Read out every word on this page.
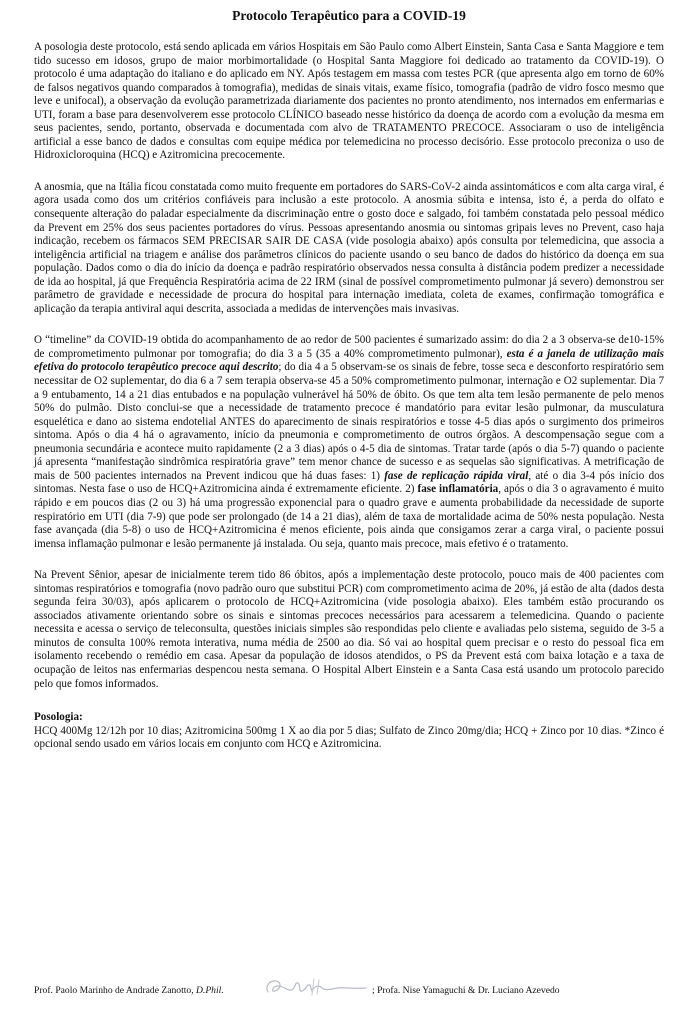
Protocolo Terapêutico para a COVID-19

A posologia deste protocolo, está sendo aplicada em vários Hospitais em São Paulo como Albert Einstein, Santa Casa e Santa Maggiore e tem tido sucesso em idosos, grupo de maior morbimortalidade (o Hospital Santa Maggiore foi dedicado ao tratamento da COVID-19). O protocolo é uma adaptação do italiano e do aplicado em NY. Após testagem em massa com testes PCR (que apresenta algo em torno de 60% de falsos negativos quando comparados à tomografia), medidas de sinais vitais, exame físico, tomografia (padrão de vidro fosco mesmo que leve e unifocal), a observação da evolução parametrizada diariamente dos pacientes no pronto atendimento, nos internados em enfermarias e UTI, foram a base para desenvolverem esse protocolo CLÍNICO baseado nesse histórico da doença de acordo com a evolução da mesma em seus pacientes, sendo, portanto, observada e documentada com alvo de TRATAMENTO PRECOCE. Associaram o uso de inteligência artificial a esse banco de dados e consultas com equipe médica por telemedicina no processo decisório. Esse protocolo preconiza o uso de Hidroxicloroquina (HCQ) e Azitromicina precocemente.

A anosmia, que na Itália ficou constatada como muito frequente em portadores do SARS-CoV-2 ainda assintomáticos e com alta carga viral, é agora usada como dos um critérios confiáveis para inclusão a este protocolo. A anosmia súbita e intensa, isto é, a perda do olfato e consequente alteração do paladar especialmente da discriminação entre o gosto doce e salgado, foi também constatada pelo pessoal médico da Prevent em 25% dos seus pacientes portadores do vírus. Pessoas apresentando anosmia ou sintomas gripais leves no Prevent, caso haja indicação, recebem os fármacos SEM PRECISAR SAIR DE CASA (vide posologia abaixo) após consulta por telemedicina, que associa a inteligência artificial na triagem e análise dos parâmetros clínicos do paciente usando o seu banco de dados do histórico da doença em sua população. Dados como o dia do início da doença e padrão respiratório observados nessa consulta à distância podem predizer a necessidade de ida ao hospital, já que Frequência Respiratória acima de 22 IRM (sinal de possível comprometimento pulmonar já severo) demonstrou ser parâmetro de gravidade e necessidade de procura do hospital para internação imediata, coleta de exames, confirmação tomográfica e aplicação da terapia antiviral aqui descrita, associada a medidas de intervenções mais invasivas.

O “timeline” da COVID-19 obtida do acompanhamento de ao redor de 500 pacientes é sumarizado assim: do dia 2 a 3 observa-se de10-15% de comprometimento pulmonar por tomografia; do dia 3 a 5 (35 a 40% comprometimento pulmonar), esta é a janela de utilização mais efetiva do protocolo terapêutico precoce aqui descrito; do dia 4 a 5 observam-se os sinais de febre, tosse seca e desconforto respiratório sem necessitar de O2 suplementar, do dia 6 a 7 sem terapia observa-se 45 a 50% comprometimento pulmonar, internação e O2 suplementar. Dia 7 a 9 entubamento, 14 a 21 dias entubados e na população vulnerável há 50% de óbito. Os que tem alta tem lesão permanente de pelo menos 50% do pulmão. Disto conclui-se que a necessidade de tratamento precoce é mandatório para evitar lesão pulmonar, da musculatura esquelética e dano ao sistema endotelial ANTES do aparecimento de sinais respiratórios e tosse 4-5 dias após o surgimento dos primeiros sintoma. Após o dia 4 há o agravamento, início da pneumonia e comprometimento de outros órgãos. A descompensação segue com a pneumonia secundária e acontece muito rapidamente (2 a 3 dias) após o 4-5 dia de sintomas. Tratar tarde (após o dia 5-7) quando o paciente já apresenta “manifestação sindrômica respiratória grave” tem menor chance de sucesso e as sequelas são significativas. A metrificação de mais de 500 pacientes internados na Prevent indicou que há duas fases: 1) fase de replicação rápida viral, até o dia 3-4 pós início dos sintomas. Nesta fase o uso de HCQ+Azitromicina ainda é extremamente eficiente. 2) fase inflamatória, após o dia 3 o agravamento é muito rápido e em poucos dias (2 ou 3) há uma progressão exponencial para o quadro grave e aumenta probabilidade da necessidade de suporte respiratório em UTI (dia 7-9) que pode ser prolongado (de 14 a 21 dias), além de taxa de mortalidade acima de 50% nesta população. Nesta fase avançada (dia 5-8) o uso de HCQ+Azitromicina é menos eficiente, pois ainda que consigamos zerar a carga viral, o paciente possui imensa inflamação pulmonar e lesão permanente já instalada. Ou seja, quanto mais precoce, mais efetivo é o tratamento.

Na Prevent Sênior, apesar de inicialmente terem tido 86 óbitos, após a implementação deste protocolo, pouco mais de 400 pacientes com sintomas respiratórios e tomografia (novo padrão ouro que substitui PCR) com comprometimento acima de 20%, já estão de alta (dados desta segunda feira 30/03), após aplicarem o protocolo de HCQ+Azitromicina (vide posologia abaixo). Eles também estão procurando os associados ativamente orientando sobre os sinais e sintomas precoces necessários para acessarem a telemedicina. Quando o paciente necessita e acessa o serviço de teleconsulta, questões iniciais simples são respondidas pelo cliente e avaliadas pelo sistema, seguido de 3-5 a minutos de consulta 100% remota interativa, numa média de 2500 ao dia. Só vai ao hospital quem precisar e o resto do pessoal fica em isolamento recebendo o remédio em casa. Apesar da população de idosos atendidos, o PS da Prevent está com baixa lotação e a taxa de ocupação de leitos nas enfermarias despencou nesta semana. O Hospital Albert Einstein e a Santa Casa está usando um protocolo parecido pelo que fomos informados.

Posologia:
HCQ 400Mg 12/12h por 10 dias; Azitromicina 500mg 1 X ao dia por 5 dias; Sulfato de Zinco 20mg/dia; HCQ + Zinco por 10 dias. *Zinco é opcional sendo usado em vários locais em conjunto com HCQ e Azitromicina.
Prof. Paolo Marinho de Andrade Zanotto, D.Phil.	; Profa. Nise Yamaguchi & Dr. Luciano Azevedo
